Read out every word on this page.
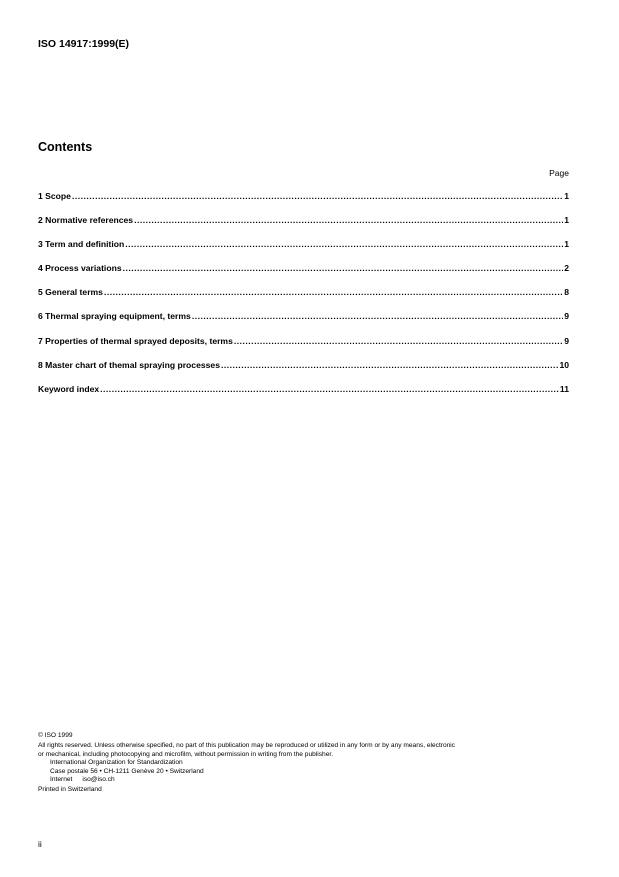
ISO 14917:1999(E)

Contents

Page

1 Scope .....	1
2 Normative references .....	1
3 Term and definition .....	1
4 Process variations .....	2
5 General terms .....	8
6 Thermal spraying equipment, terms .....	9
7 Properties of thermal sprayed deposits, terms .....	9
8 Master chart of themal spraying processes .....	10
Keyword index .....	11

© ISO 1999

All rights reserved. Unless otherwise specified, no part of this publication may be reproduced or utilized in any form or by any means, electronic

or mechanical, including photocopying and microfilm, without permission in writing from the publisher.

International Organization for Standardization

Case postale 56 • CH-1211 Genève 20 • Switzerland

Internet iso@iso.ch

Printed in Switzerland

ii
